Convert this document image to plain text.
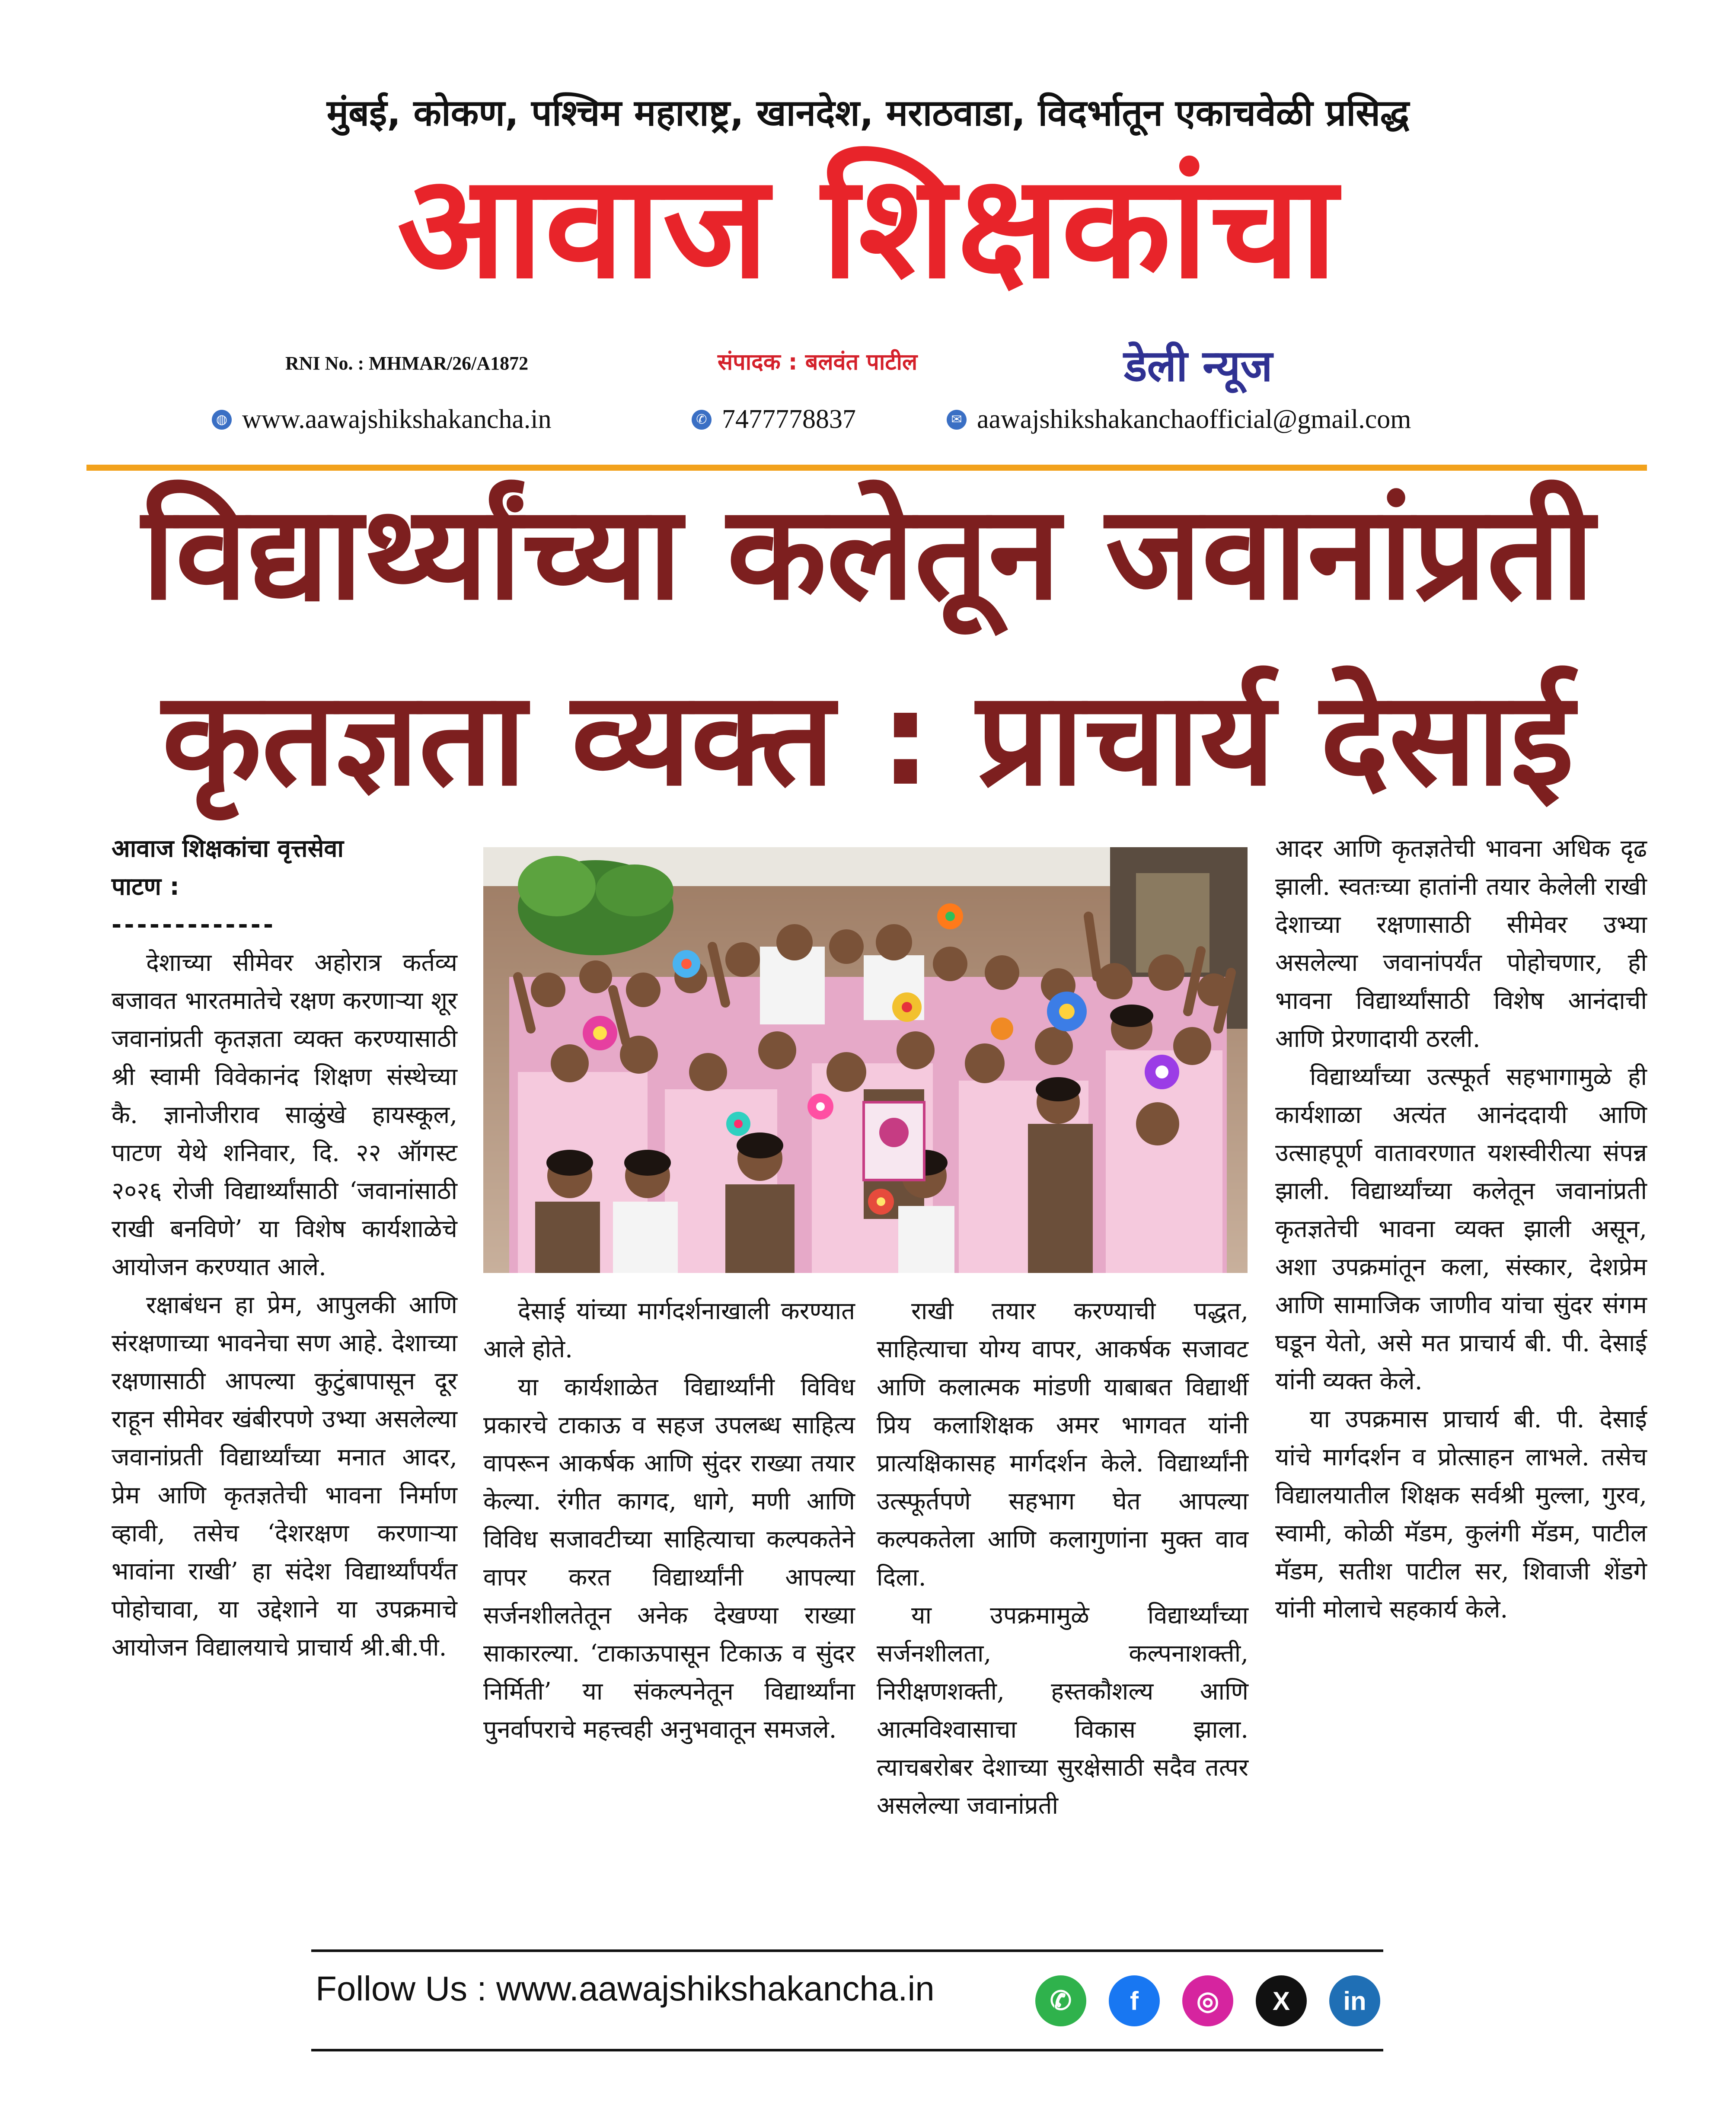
मुंबई, कोकण, पश्चिम महाराष्ट्र, खानदेश, मराठवाडा, विदर्भातून एकाचवेळी प्रसिद्ध
आवाज शिक्षकांचा
RNI No. : MHMAR/26/A1872	संपादक : बलवंत पाटील	डेली न्यूज
◍ www.aawajshikshakancha.in	✆ 7477778837	✉ aawajshikshakanchaofficial@gmail.com
विद्यार्थ्यांच्या कलेतून जवानांप्रती
कृतज्ञता व्यक्त : प्राचार्य देसाई
आवाज शिक्षकांचा वृत्तसेवा
पाटण :
-------------

देशाच्या सीमेवर अहोरात्र कर्तव्य बजावत भारतमातेचे रक्षण करणाऱ्या शूर जवानांप्रती कृतज्ञता व्यक्त करण्यासाठी श्री स्वामी विवेकानंद शिक्षण संस्थेच्या कै. ज्ञानोजीराव साळुंखे हायस्कूल, पाटण येथे शनिवार, दि. २२ ऑगस्ट २०२६ रोजी विद्यार्थ्यांसाठी ‘जवानांसाठी राखी बनविणे’ या विशेष कार्यशाळेचे आयोजन करण्यात आले.

रक्षाबंधन हा प्रेम, आपुलकी आणि संरक्षणाच्या भावनेचा सण आहे. देशाच्या रक्षणासाठी आपल्या कुटुंबापासून दूर राहून सीमेवर खंबीरपणे उभ्या असलेल्या जवानांप्रती विद्यार्थ्यांच्या मनात आदर, प्रेम आणि कृतज्ञतेची भावना निर्माण व्हावी, तसेच ‘देशरक्षण करणाऱ्या भावांना राखी’ हा संदेश विद्यार्थ्यांपर्यंत पोहोचावा, या उद्देशाने या उपक्रमाचे आयोजन विद्यालयाचे प्राचार्य श्री.बी.पी.

देसाई यांच्या मार्गदर्शनाखाली करण्यात आले होते.

या कार्यशाळेत विद्यार्थ्यांनी विविध प्रकारचे टाकाऊ व सहज उपलब्ध साहित्य वापरून आकर्षक आणि सुंदर राख्या तयार केल्या. रंगीत कागद, धागे, मणी आणि विविध सजावटीच्या साहित्याचा कल्पकतेने वापर करत विद्यार्थ्यांनी आपल्या सर्जनशीलतेतून अनेक देखण्या राख्या साकारल्या. ‘टाकाऊपासून टिकाऊ व सुंदर निर्मिती’ या संकल्पनेतून विद्यार्थ्यांना पुनर्वापराचे महत्त्वही अनुभवातून समजले.

राखी तयार करण्याची पद्धत, साहित्याचा योग्य वापर, आकर्षक सजावट आणि कलात्मक मांडणी याबाबत विद्यार्थी प्रिय कलाशिक्षक अमर भागवत यांनी प्रात्यक्षिकासह मार्गदर्शन केले. विद्यार्थ्यांनी उत्स्फूर्तपणे सहभाग घेत आपल्या कल्पकतेला आणि कलागुणांना मुक्त वाव दिला.

या उपक्रमामुळे विद्यार्थ्यांच्या सर्जनशीलता, कल्पनाशक्ती, निरीक्षणशक्ती, हस्तकौशल्य आणि आत्मविश्वासाचा विकास झाला. त्याचबरोबर देशाच्या सुरक्षेसाठी सदैव तत्पर असलेल्या जवानांप्रती

आदर आणि कृतज्ञतेची भावना अधिक दृढ झाली. स्वतःच्या हातांनी तयार केलेली राखी देशाच्या रक्षणासाठी सीमेवर उभ्या असलेल्या जवानांपर्यंत पोहोचणार, ही भावना विद्यार्थ्यांसाठी विशेष आनंदाची आणि प्रेरणादायी ठरली.

विद्यार्थ्यांच्या उत्स्फूर्त सहभागामुळे ही कार्यशाळा अत्यंत आनंददायी आणि उत्साहपूर्ण वातावरणात यशस्वीरीत्या संपन्न झाली. विद्यार्थ्यांच्या कलेतून जवानांप्रती कृतज्ञतेची भावना व्यक्त झाली असून, अशा उपक्रमांतून कला, संस्कार, देशप्रेम आणि सामाजिक जाणीव यांचा सुंदर संगम घडून येतो, असे मत प्राचार्य बी. पी. देसाई यांनी व्यक्त केले.

या उपक्रमास प्राचार्य बी. पी. देसाई यांचे मार्गदर्शन व प्रोत्साहन लाभले. तसेच विद्यालयातील शिक्षक सर्वश्री मुल्ला, गुरव, स्वामी, कोळी मॅडम, कुलंगी मॅडम, पाटील मॅडम, सतीश पाटील सर, शिवाजी शेंडगे यांनी मोलाचे सहकार्य केले.

Follow Us : www.aawajshikshakancha.in	✆	f	◎	X	in
